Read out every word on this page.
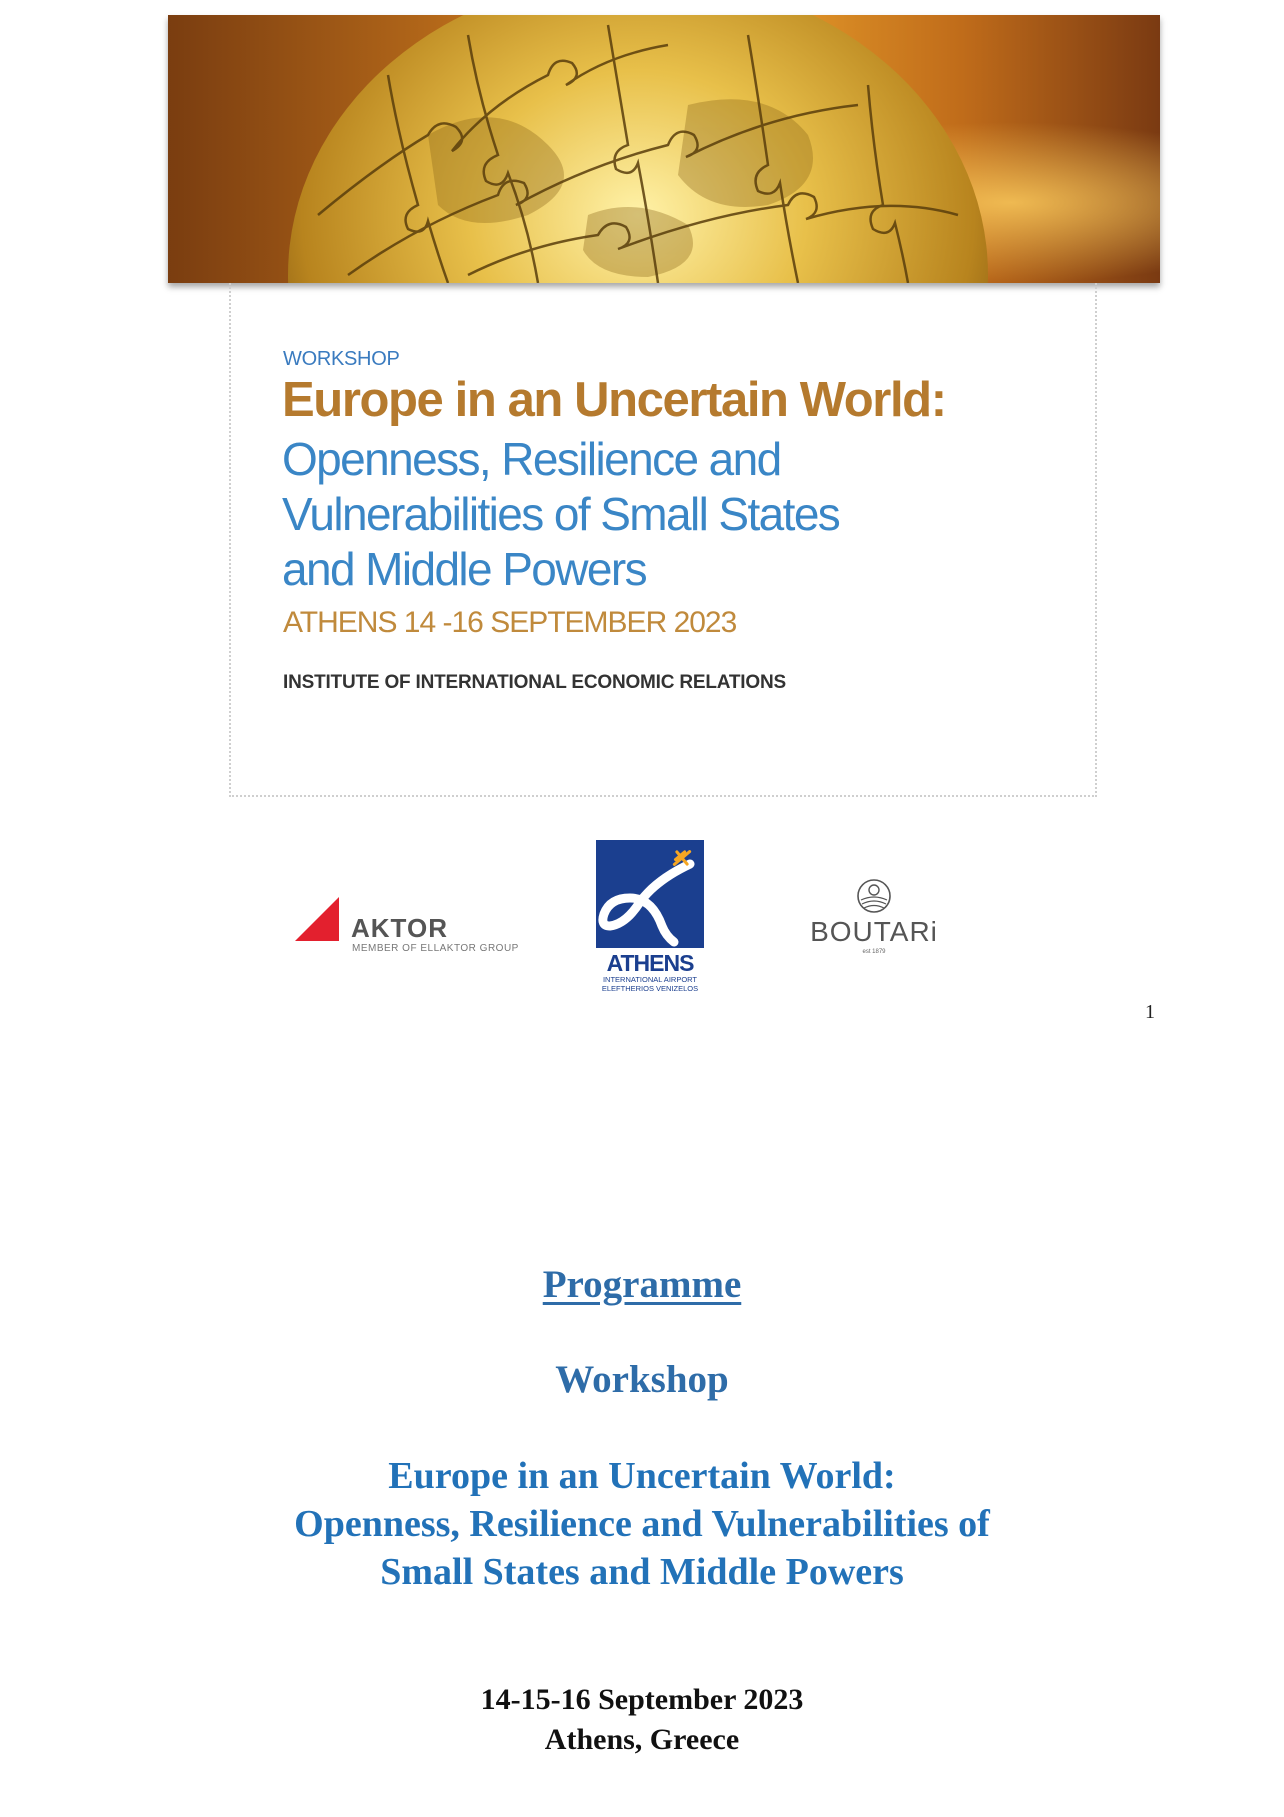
WORKSHOP
Europe in an Uncertain World:
Openness, Resilience and
Vulnerabilities of Small States
and Middle Powers
ATHENS 14 -16 SEPTEMBER 2023
INSTITUTE OF INTERNATIONAL ECONOMIC RELATIONS
AKTOR
MEMBER OF ELLAKTOR GROUP
ATHENS
INTERNATIONAL AIRPORT
ELEFTHERIOS VENIZELOS
BOUTARi
est 1879
1
Programme
Workshop
Europe in an Uncertain World:
Openness, Resilience and Vulnerabilities of
Small States and Middle Powers
14-15-16 September 2023
Athens, Greece
